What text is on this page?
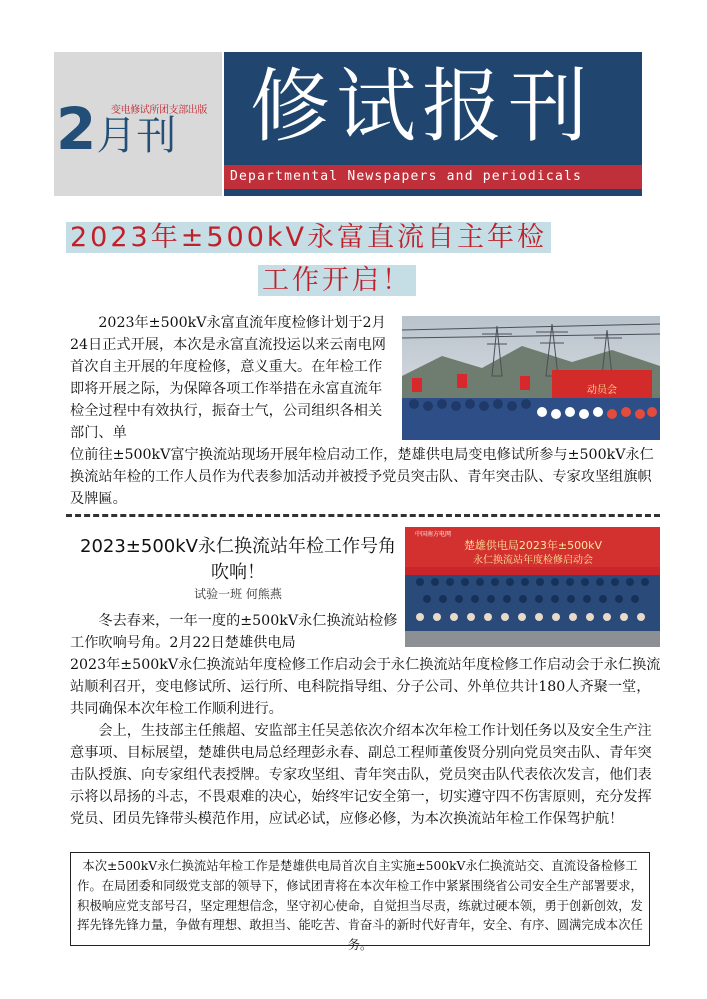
变电修试所团支部出版
2月刊 修试报刊
Departmental Newspapers and periodicals
2023年±500kV永富直流自主年检
工作开启！
2023年±500kV永富直流年度检修计划于2月24日正式开展，本次是永富直流投运以来云南电网首次自主开展的年度检修，意义重大。在年检工作即将开展之际，为保障各项工作举措在永富直流年检全过程中有效执行，振奋士气，公司组织各相关部门、单
位前往±500kV富宁换流站现场开展年检启动工作，楚雄供电局变电修试所参与±500kV永仁换流站年检的工作人员作为代表参加活动并被授予党员突击队、青年突击队、专家攻坚组旗帜及牌匾。
动员会
2023±500kV永仁换流站年检工作号角吹响！
试验一班 何熊燕
冬去春来，一年一度的±500kV永仁换流站检修工作吹响号角。2月22日楚雄供电局
2023年±500kV永仁换流站年度检修工作启动会于永仁换流站年度检修工作启动会于永仁换流站顺利召开，变电修试所、运行所、电科院指导组、分子公司、外单位共计180人齐聚一堂，共同确保本次年检工作顺利进行。
会上，生技部主任熊超、安监部主任吴恙依次介绍本次年检工作计划任务以及安全生产注意事项、目标展望，楚雄供电局总经理彭永春、副总工程师董俊贤分别向党员突击队、青年突击队授旗、向专家组代表授牌。专家攻坚组、青年突击队，党员突击队代表依次发言，他们表示将以昂扬的斗志，不畏艰难的决心，始终牢记安全第一，切实遵守四不伤害原则，充分发挥党员、团员先锋带头模范作用，应试必试，应修必修，为本次换流站年检工作保驾护航！
中国南方电网
楚雄供电局2023年±500kV
永仁换流站年度检修启动会
本次±500kV永仁换流站年检工作是楚雄供电局首次自主实施±500kV永仁换流站交、直流设备检修工作。在局团委和同级党支部的领导下，修试团青将在本次年检工作中紧紧围绕省公司安全生产部署要求，积极响应党支部号召，坚定理想信念，坚守初心使命，自觉担当尽责，练就过硬本领，勇于创新创效，发挥先锋先锋力量，争做有理想、敢担当、能吃苦、肯奋斗的新时代好青年，安全、有序、圆满完成本次任务。
